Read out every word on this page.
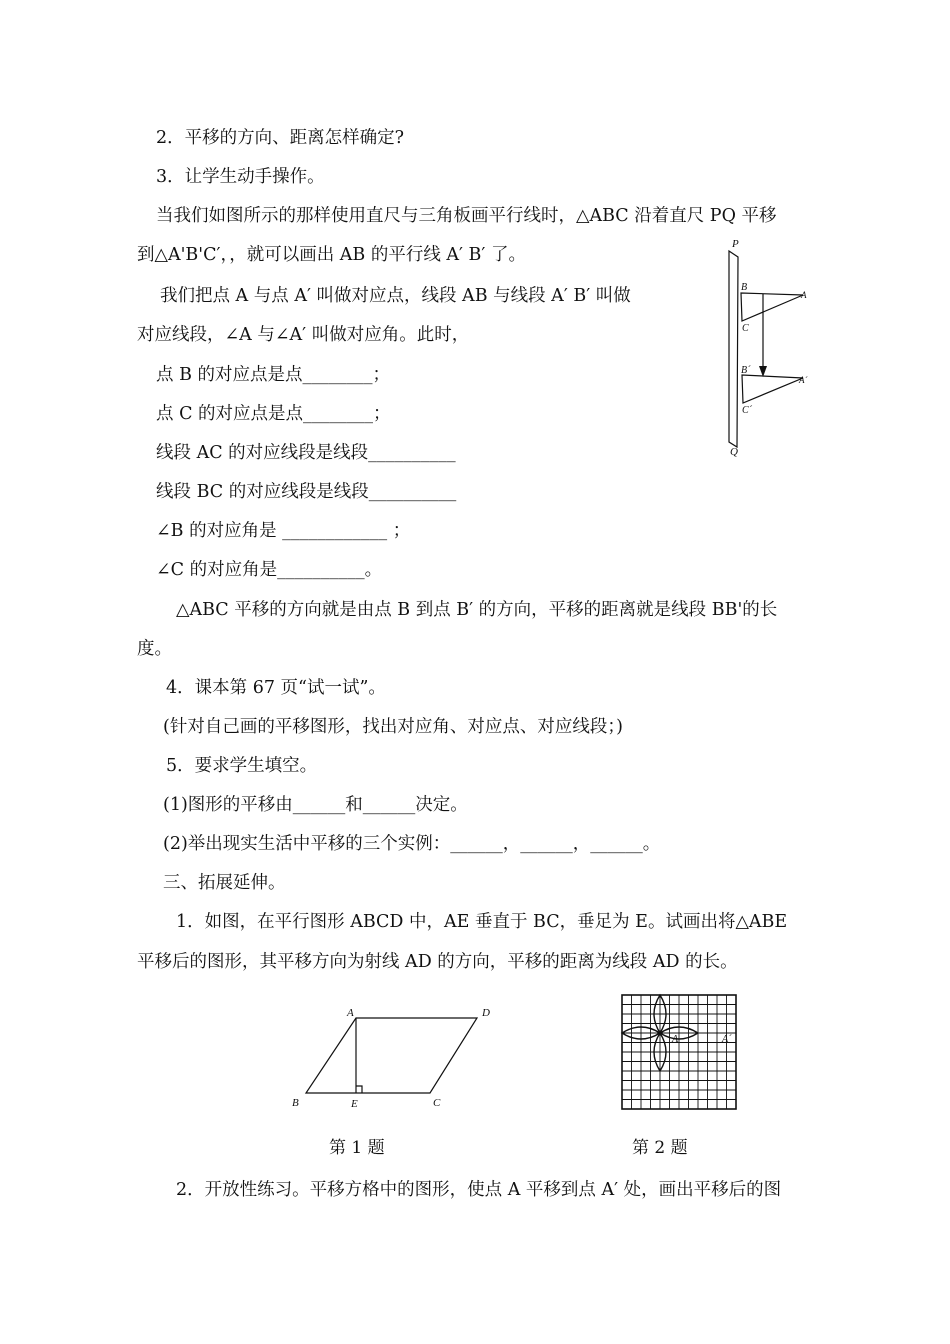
2．平移的方向、距离怎样确定?
3．让学生动手操作。
当我们如图所示的那样使用直尺与三角板画平行线时，△ABC 沿着直尺 PQ 平移
到△A'B'C′，，就可以画出 AB 的平行线 A′ B′ 了。
我们把点 A 与点 A′ 叫做对应点，线段 AB 与线段 A′ B′ 叫做
对应线段，∠A 与∠A′ 叫做对应角。此时，
点 B 的对应点是点________；
点 C 的对应点是点________；
线段 AC 的对应线段是线段__________
线段 BC 的对应线段是线段__________
∠B 的对应角是 ____________ ；
∠C 的对应角是__________。
△ABC 平移的方向就是由点 B 到点 B′ 的方向，平移的距离就是线段 BB'的长
度。
4．课本第 67 页“试一试”。
(针对自己画的平移图形，找出对应角、对应点、对应线段；)
5．要求学生填空。
(1)图形的平移由______和______决定。
(2)举出现实生活中平移的三个实例：______，______，______。
三、拓展延伸。
1．如图，在平行图形 ABCD 中，AE 垂直于 BC，垂足为 E。试画出将△ABE
平移后的图形，其平移方向为射线 AD 的方向，平移的距离为线段 AD 的长。
2．开放性练习。平移方格中的图形，使点 A 平移到点 A′ 处，画出平移后的图
P
Q
B
A
C
B´
A´
C´
A	D
B	E	C
A	A´
第 1 题	第 2 题
